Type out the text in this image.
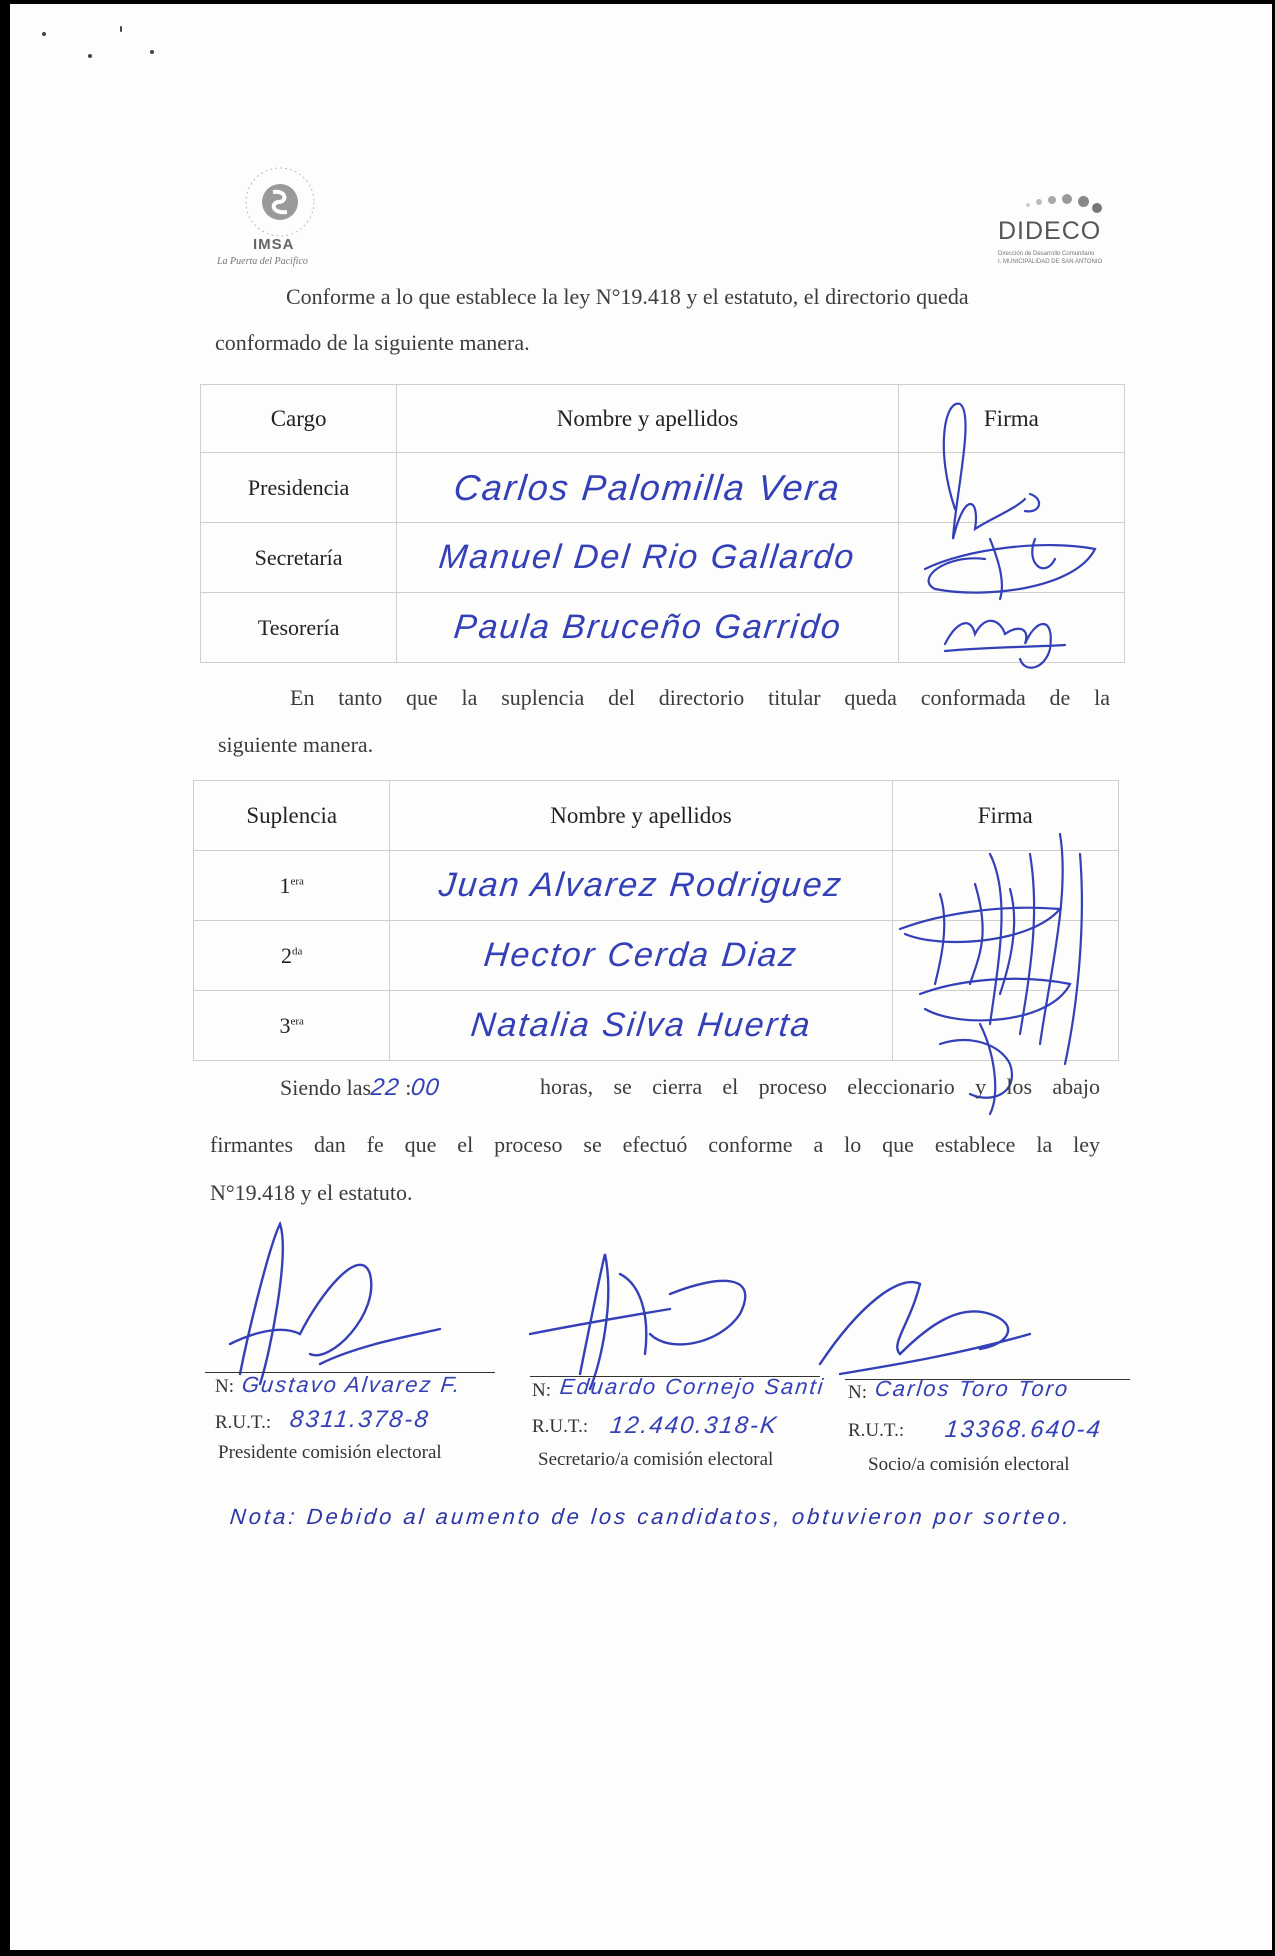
IMSA
La Puerta del Pacifico
DIDECO
Dirección de Desarrollo Comunitario
I. MUNICIPALIDAD DE SAN ANTONIO
Conforme a lo que establece la ley N°19.418 y el estatuto, el directorio queda
conformado de la siguiente manera.
Cargo	Nombre y apellidos	Firma
Presidencia	Carlos Palomilla Vera	
Secretaría	Manuel Del Rio Gallardo	
Tesorería	Paula Bruceño Garrido	
En tanto que la suplencia del directorio titular queda conformada de la
siguiente manera.
Suplencia	Nombre y apellidos	Firma
$1^{era}$	Juan Alvarez Rodriguez	
$2^{da}$	Hector Cerda Diaz	
$3^{era}$	Natalia Silva Huerta	
Siendo las22 :00	horas, se cierra el proceso eleccionario y los abajo
firmantes dan fe que el proceso se efectuó conforme a lo que establece la ley
N°19.418 y el estatuto.
N: Gustavo Alvarez F.
R.U.T.: 8311.378-8
Presidente comisión electoral
N: Eduardo Cornejo Santi
R.U.T.: 12.440.318-K
Secretario/a comisión electoral
N: Carlos Toro Toro
R.U.T.: 13368.640-4
Socio/a comisión electoral
Nota: Debido al aumento de los candidatos, obtuvieron por sorteo.
